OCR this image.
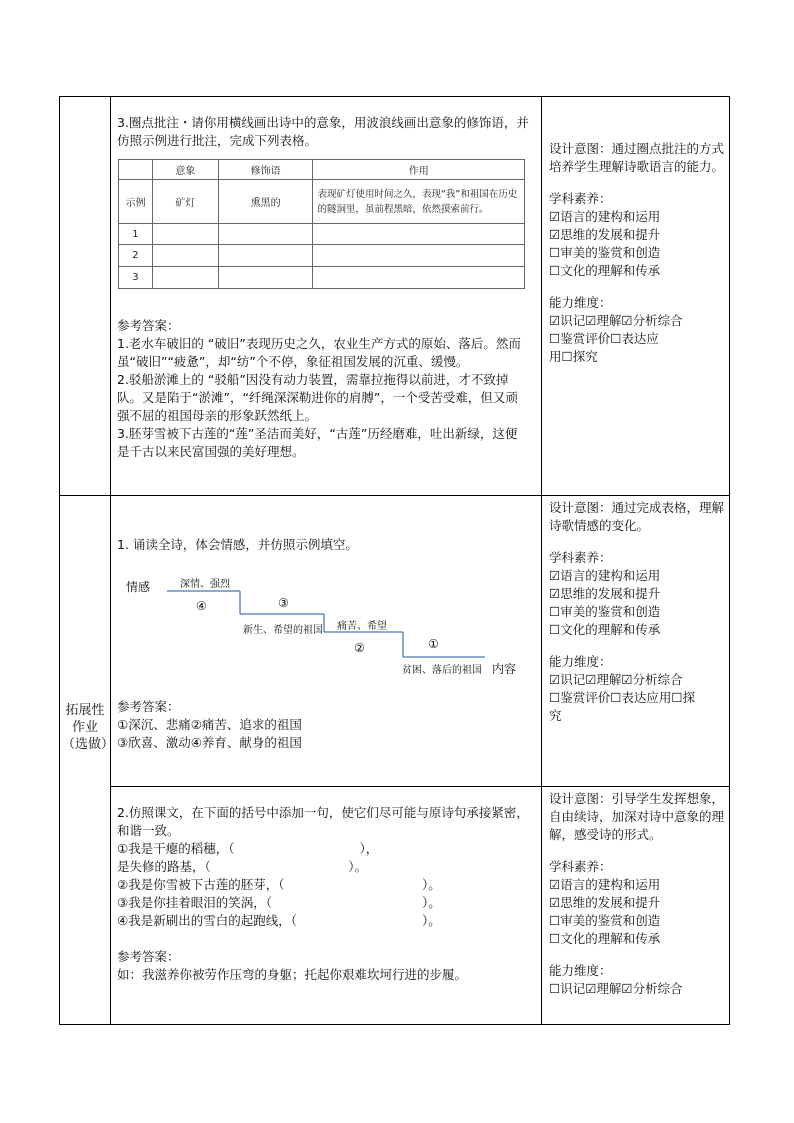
拓展性作业（选做）

3.圈点批注・请你用横线画出诗中的意象，用波浪线画出意象的修饰语，并仿照示例进行批注，完成下列表格。

	意象	修饰语	作用
示例	矿灯	熏黑的	表现矿灯使用时间之久，表现“我”和祖国在历史的隧洞里，虽前程黑暗，依然摸索前行。
1			
2			
3			

参考答案：

1.老水车破旧的 “破旧”表现历史之久，农业生产方式的原始、落后。然而虽“破旧”“疲惫”，却“纺”个不停，象征祖国发展的沉重、缓慢。

2.驳船淤滩上的 “驳船”因没有动力装置，需靠拉拖得以前进，才不致掉队。又是陷于“淤滩”，“纤绳深深勒进你的肩膊”，一个受苦受难，但又顽强不屈的祖国母亲的形象跃然纸上。

3.胚芽雪被下古莲的“莲”圣洁而美好，“古莲”历经磨难，吐出新绿，这便是千古以来民富国强的美好理想。

设计意图：通过圈点批注的方式培养学生理解诗歌语言的能力。

学科素养：

☑语言的建构和运用

☑思维的发展和提升

☐审美的鉴赏和创造

☐文化的理解和传承

能力维度：

☑识记☑理解☑分析综合

☐鉴赏评价☐表达应

用☐探究

1. 诵读全诗，体会情感，并仿照示例填空。

情感
内容
深情、强烈
痛苦、希望
新生、希望的祖国
贫困、落后的祖国
④	③
②	①

参考答案：

①深沉、悲痛②痛苦、追求的祖国

③欣喜、激动④养育、献身的祖国

设计意图：通过完成表格，理解诗歌情感的变化。

学科素养：

☑语言的建构和运用

☑思维的发展和提升

☐审美的鉴赏和创造

☐文化的理解和传承

能力维度：

☑识记☑理解☑分析综合

☐鉴赏评价☐表达应用☐探

究

2.仿照课文，在下面的括号中添加一句，使它们尽可能与原诗句承接紧密，和谐一致。

①我是干瘪的稻穗，（　　　　　　　　　　），

是失修的路基，（　　　　　　　　　　　）。

②我是你雪被下古莲的胚芽，（　　　　　　　　　　　）。

③我是你挂着眼泪的笑涡，（　　　　　　　　　　　　）。

④我是新刷出的雪白的起跑线，（　　　　　　　　　　）。

参考答案：

如：我滋养你被劳作压弯的身躯；托起你艰难坎坷行进的步履。

设计意图：引导学生发挥想象，自由续诗，加深对诗中意象的理解，感受诗的形式。

学科素养：

☑语言的建构和运用

☑思维的发展和提升

☐审美的鉴赏和创造

☐文化的理解和传承

能力维度：

☐识记☑理解☑分析综合
